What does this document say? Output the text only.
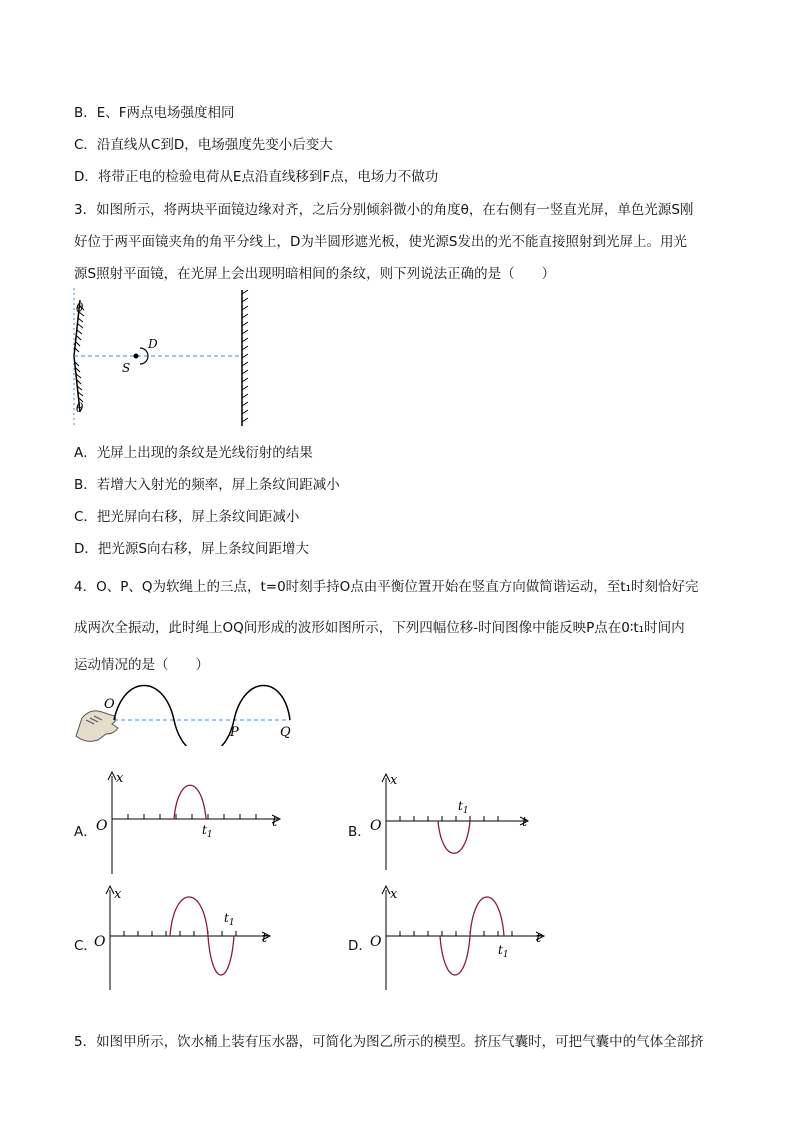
B．E、F两点电场强度相同
C．沿直线从C到D，电场强度先变小后变大
D．将带正电的检验电荷从E点沿直线移到F点，电场力不做功
3．如图所示，将两块平面镜边缘对齐，之后分别倾斜微小的角度θ，在右侧有一竖直光屏，单色光源S刚
好位于两平面镜夹角的角平分线上，D为半圆形遮光板，使光源S发出的光不能直接照射到光屏上。用光
源S照射平面镜，在光屏上会出现明暗相间的条纹，则下列说法正确的是（　　）
θ
θ
D
S
A．光屏上出现的条纹是光线衍射的结果
B．若增大入射光的频率，屏上条纹间距减小
C．把光屏向右移，屏上条纹间距减小
D．把光源S向右移，屏上条纹间距增大
4．O、P、Q为软绳上的三点，t=0时刻手持O点由平衡位置开始在竖直方向做简谐运动，至t₁时刻恰好完
成两次全振动，此时绳上OQ间形成的波形如图所示，下列四幅位移-时间图像中能反映P点在0∶t₁时间内
运动情况的是（　　）
O
P	Q
A．
x
t
O	$t_1$	B．
x
t
O
$t_1$
C．
x
t
O
$t_1$
D．
x
t
O	$t_1$
5．如图甲所示，饮水桶上装有压水器，可简化为图乙所示的模型。挤压气囊时，可把气囊中的气体全部挤
